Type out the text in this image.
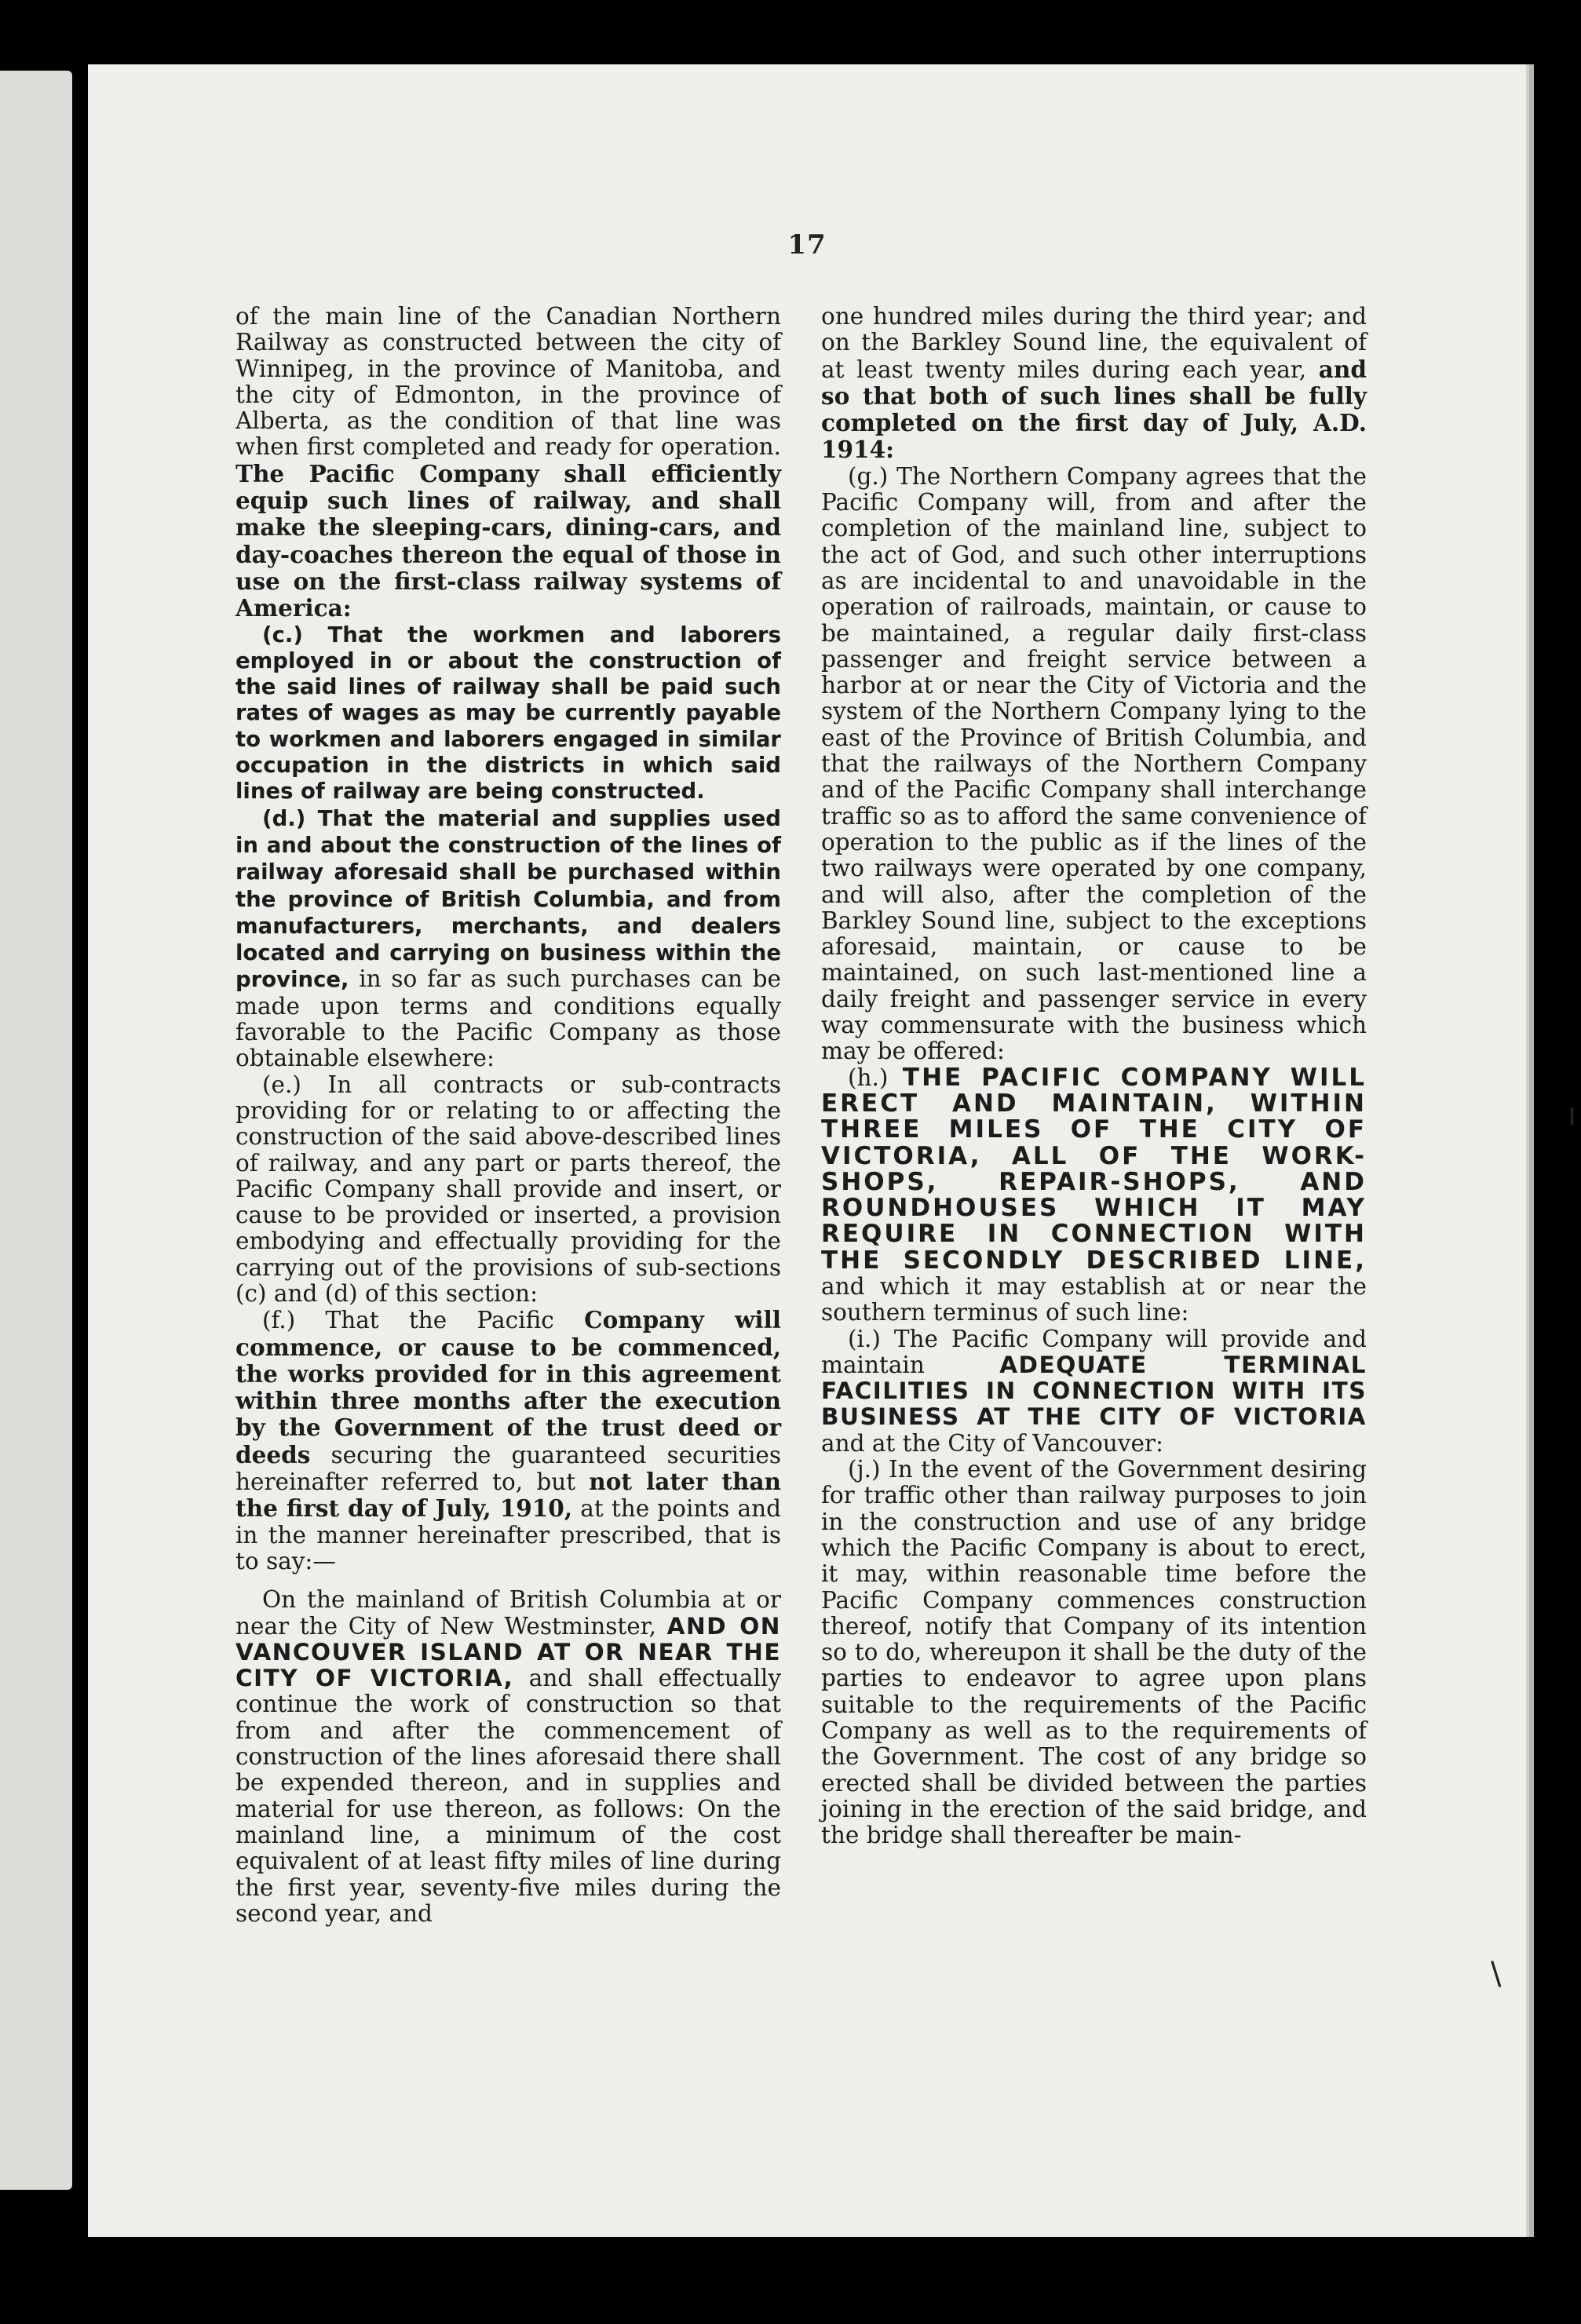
17

of the main line of the Canadian Northern Railway as constructed between the city of Winnipeg, in the province of Manitoba, and the city of Edmonton, in the province of Alberta, as the condition of that line was when first completed and ready for operation. The Pacific Company shall efficiently equip such lines of railway, and shall make the sleeping-cars, dining-cars, and day-coaches thereon the equal of those in use on the first-class railway systems of America:

(c.) That the workmen and laborers employed in or about the construction of the said lines of railway shall be paid such rates of wages as may be currently payable to workmen and laborers engaged in similar occupation in the districts in which said lines of railway are being constructed.

(d.) That the material and supplies used in and about the construction of the lines of railway aforesaid shall be purchased within the province of British Columbia, and from manufacturers, merchants, and dealers located and carrying on business within the province, in so far as such purchases can be made upon terms and conditions equally favorable to the Pacific Company as those obtainable elsewhere:

(e.) In all contracts or sub-contracts providing for or relating to or affecting the construction of the said above-described lines of railway, and any part or parts thereof, the Pacific Company shall provide and insert, or cause to be provided or inserted, a provision embodying and effectually providing for the carrying out of the provisions of sub-sections (c) and (d) of this section:

(f.) That the Pacific Company will commence, or cause to be commenced, the works provided for in this agreement within three months after the execution by the Government of the trust deed or deeds securing the guaranteed securities hereinafter referred to, but not later than the first day of July, 1910, at the points and in the manner hereinafter prescribed, that is to say:—

On the mainland of British Columbia at or near the City of New Westminster, AND ON VANCOUVER ISLAND AT OR NEAR THE CITY OF VICTORIA, and shall effectually continue the work of construction so that from and after the commencement of construction of the lines aforesaid there shall be expended thereon, and in supplies and material for use thereon, as follows: On the mainland line, a minimum of the cost equivalent of at least fifty miles of line during the first year, seventy-five miles during the second year, and

one hundred miles during the third year; and on the Barkley Sound line, the equivalent of at least twenty miles during each year, and so that both of such lines shall be fully completed on the first day of July, A.D. 1914:

(g.) The Northern Company agrees that the Pacific Company will, from and after the completion of the mainland line, subject to the act of God, and such other interruptions as are incidental to and unavoidable in the operation of railroads, maintain, or cause to be maintained, a regular daily first-class passenger and freight service between a harbor at or near the City of Victoria and the system of the Northern Company lying to the east of the Province of British Columbia, and that the railways of the Northern Company and of the Pacific Company shall interchange traffic so as to afford the same convenience of operation to the public as if the lines of the two railways were operated by one company, and will also, after the completion of the Barkley Sound line, subject to the exceptions aforesaid, maintain, or cause to be maintained, on such last-mentioned line a daily freight and passenger service in every way commensurate with the business which may be offered:

(h.) THE PACIFIC COMPANY WILL ERECT AND MAINTAIN, WITHIN THREE MILES OF THE CITY OF VICTORIA, ALL OF THE WORK-SHOPS, REPAIR-SHOPS, AND ROUNDHOUSES WHICH IT MAY REQUIRE IN CONNECTION WITH THE SECONDLY DESCRIBED LINE, and which it may establish at or near the southern terminus of such line:

(i.) The Pacific Company will provide and maintain	ADEQUATE TERMINAL FACILITIES IN CONNECTION WITH ITS BUSINESS AT THE CITY OF VICTORIA and at the City of Vancouver:

(j.) In the event of the Government desiring for traffic other than railway purposes to join in the construction and use of any bridge which the Pacific Company is about to erect, it may, within reasonable time before the Pacific Company commences construction thereof, notify that Company of its intention so to do, whereupon it shall be the duty of the parties to endeavor to agree upon plans suitable to the requirements of the Pacific Company as well as to the requirements of the Government. The cost of any bridge so erected shall be divided between the parties joining in the erection of the said bridge, and the bridge shall thereafter be main-

ı
\
